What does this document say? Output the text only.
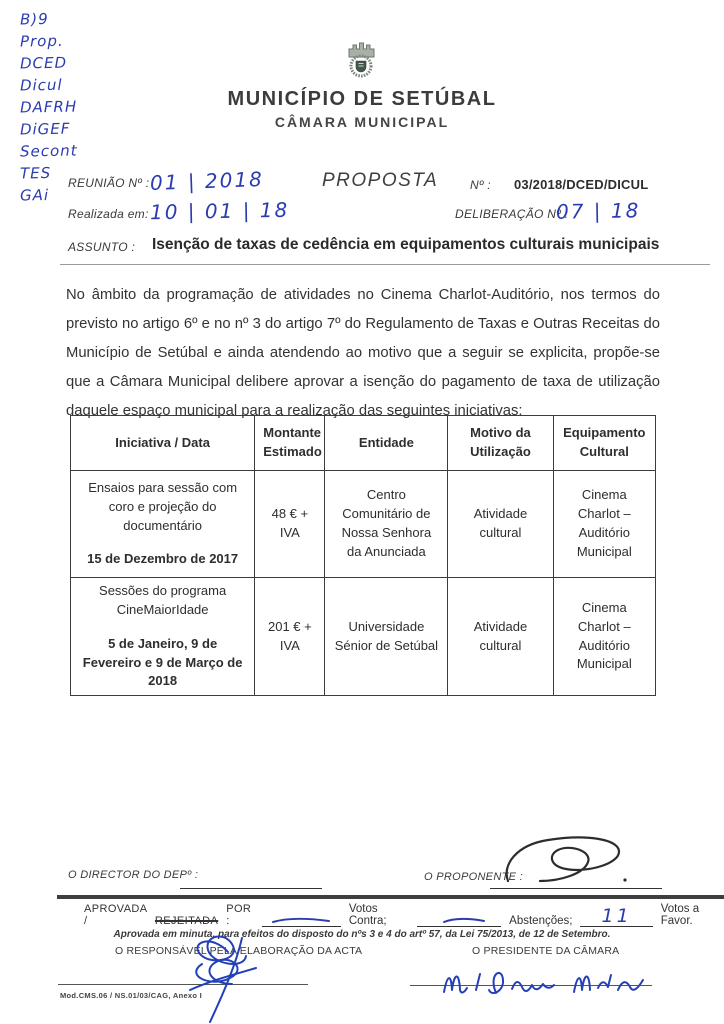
B)9
Prop.
DCED
Dicul
DAFRH
DiGEF
Secont
TES
GAi
MUNICÍPIO DE SETÚBAL
CÂMARA MUNICIPAL
REUNIÃO Nº : 01 | 2018	PROPOSTA	Nº : 03/2018/DCED/DICUL
Realizada em: 10 | 01 | 18	DELIBERAÇÃO Nº :
07 | 18
ASSUNTO : Isenção de taxas de cedência em equipamentos culturais municipais
No âmbito da programação de atividades no Cinema Charlot-Auditório, nos termos do previsto no artigo 6º e no nº 3 do artigo 7º do Regulamento de Taxas e Outras Receitas do Município de Setúbal e ainda atendendo ao motivo que a seguir se explicita, propõe-se que a Câmara Municipal delibere aprovar a isenção do pagamento de taxa de utilização daquele espaço municipal para a realização das seguintes iniciativas:
Iniciativa / Data	Montante Estimado	Entidade	Motivo da Utilização	Equipamento Cultural

Ensaios para sessão com coro e projeção do documentário
15 de Dezembro de 2017	48 € + IVA	Centro Comunitário de Nossa Senhora da Anunciada	Atividade cultural	Cinema Charlot – Auditório Municipal

Sessões do programa CineMaiorIdade
5 de Janeiro, 9 de Fevereiro e 9 de Março de 2018	201 € + IVA	Universidade Sénior de Setúbal	Atividade cultural	Cinema Charlot – Auditório Municipal
O DIRECTOR DO DEPº :	O PROPONENTE :
APROVADA /	REJEITADA
POR :
Votos Contra;	Abstenções;	11	Votos a Favor.
Aprovada em minuta, para efeitos do disposto do nºs 3 e 4 do artº 57, da Lei 75/2013, de 12 de Setembro.
O RESPONSÁVEL PELA ELABORAÇÃO DA ACTA	O PRESIDENTE DA CÂMARA
Mod.CMS.06 / NS.01/03/CAG, Anexo I
